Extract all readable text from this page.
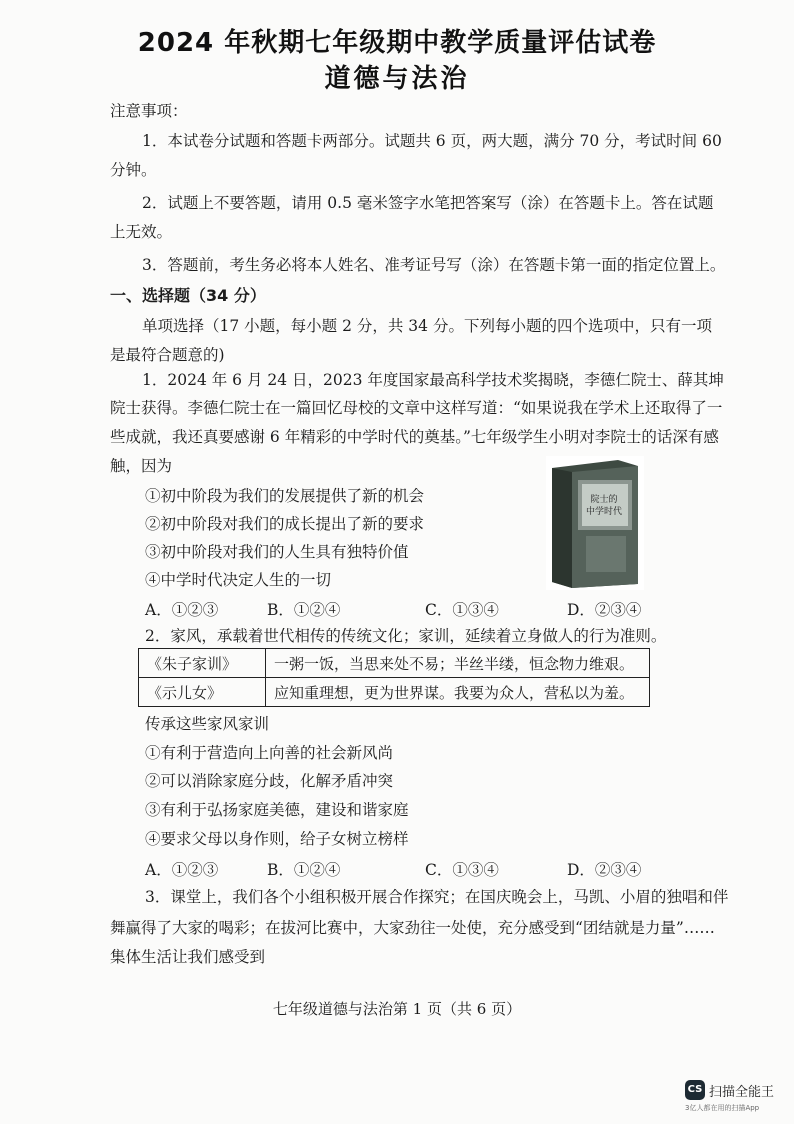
2024 年秋期七年级期中教学质量评估试卷
道德与法治
注意事项：
1．本试卷分试题和答题卡两部分。试题共 6 页，两大题，满分 70 分，考试时间 60
分钟。
2．试题上不要答题，请用 0.5 毫米签字水笔把答案写（涂）在答题卡上。答在试题
上无效。
3．答题前，考生务必将本人姓名、准考证号写（涂）在答题卡第一面的指定位置上。
一、选择题（34 分）
单项选择（17 小题，每小题 2 分，共 34 分。下列每小题的四个选项中，只有一项
是最符合题意的)
1．2024 年 6 月 24 日，2023 年度国家最高科学技术奖揭晓，李德仁院士、薛其坤
院士获得。李德仁院士在一篇回忆母校的文章中这样写道：“如果说我在学术上还取得了一
些成就，我还真要感谢 6 年精彩的中学时代的奠基。”七年级学生小明对李院士的话深有感
触，因为
①初中阶段为我们的发展提供了新的机会
②初中阶段对我们的成长提出了新的要求
③初中阶段对我们的人生具有独特价值
④中学时代决定人生的一切
院士的
中学时代
A．①②③	B．①②④	C．①③④	D．②③④
2．家风，承载着世代相传的传统文化；家训，延续着立身做人的行为准则。
《朱子家训》	一粥一饭，当思来处不易；半丝半缕，恒念物力维艰。
《示儿女》	应知重理想，更为世界谋。我要为众人，营私以为羞。
传承这些家风家训
①有利于营造向上向善的社会新风尚
②可以消除家庭分歧，化解矛盾冲突
③有利于弘扬家庭美德，建设和谐家庭
④要求父母以身作则，给子女树立榜样
A．①②③	B．①②④	C．①③④	D．②③④
3．课堂上，我们各个小组积极开展合作探究；在国庆晚会上，马凯、小眉的独唱和伴
舞赢得了大家的喝彩；在拔河比赛中，大家劲往一处使，充分感受到“团结就是力量”……
集体生活让我们感受到
七年级道德与法治第 1 页（共 6 页）
CS 扫描全能王
3亿人都在用的扫描App
